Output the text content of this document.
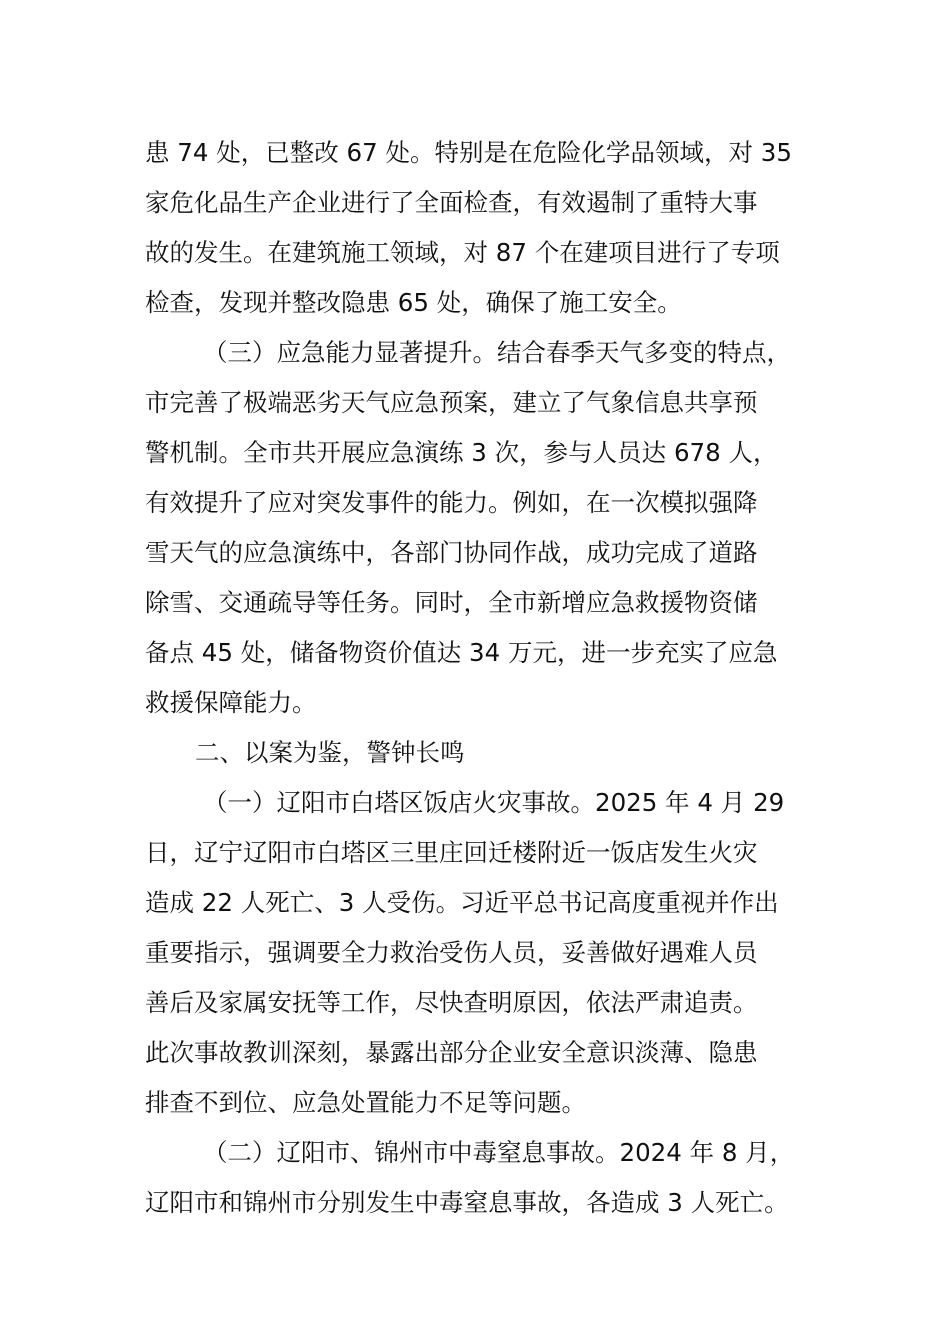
患 74 处，已整改 67 处。特别是在危险化学品领域，对 35
家危化品生产企业进行了全面检查，有效遏制了重特大事
故的发生。在建筑施工领域，对 87 个在建项目进行了专项
检查，发现并整改隐患 65 处，确保了施工安全。
（三）应急能力显著提升。结合春季天气多变的特点，
市完善了极端恶劣天气应急预案，建立了气象信息共享预
警机制。全市共开展应急演练 3 次，参与人员达 678 人，
有效提升了应对突发事件的能力。例如，在一次模拟强降
雪天气的应急演练中，各部门协同作战，成功完成了道路
除雪、交通疏导等任务。同时，全市新增应急救援物资储
备点 45 处，储备物资价值达 34 万元，进一步充实了应急
救援保障能力。
二、以案为鉴，警钟长鸣
（一）辽阳市白塔区饭店火灾事故。2025 年 4 月 29
日，辽宁辽阳市白塔区三里庄回迁楼附近一饭店发生火灾
造成 22 人死亡、3 人受伤。习近平总书记高度重视并作出
重要指示，强调要全力救治受伤人员，妥善做好遇难人员
善后及家属安抚等工作，尽快查明原因，依法严肃追责。
此次事故教训深刻，暴露出部分企业安全意识淡薄、隐患
排查不到位、应急处置能力不足等问题。
（二）辽阳市、锦州市中毒窒息事故。2024 年 8 月，
辽阳市和锦州市分别发生中毒窒息事故，各造成 3 人死亡。
